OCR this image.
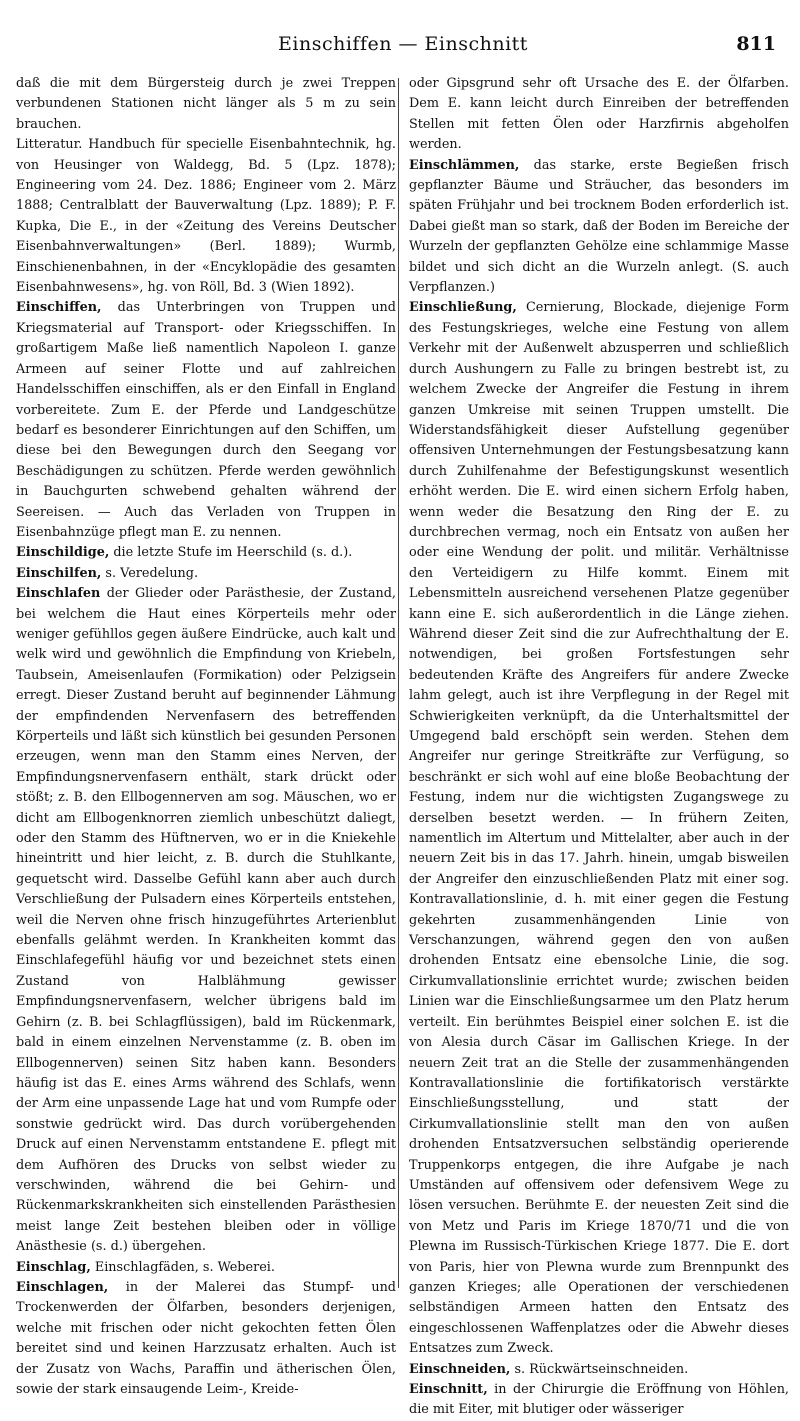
Einschiffen — Einschnitt	811

daß die mit dem Bürgersteig durch je zwei Treppen verbundenen Stationen nicht länger als 5 m zu sein brauchen.

Litteratur. Handbuch für specielle Eisenbahntechnik, hg. von Heusinger von Waldegg, Bd. 5 (Lpz. 1878); Engineering vom 24. Dez. 1886; Engineer vom 2. März 1888; Centralblatt der Bauverwaltung (Lpz. 1889); P. F. Kupka, Die E., in der «Zeitung des Vereins Deutscher Eisenbahnverwaltungen» (Berl. 1889); Wurmb, Einschienenbahnen, in der «Encyklopädie des gesamten Eisenbahnwesens», hg. von Röll, Bd. 3 (Wien 1892).

Einschiffen, das Unterbringen von Truppen und Kriegsmaterial auf Transport- oder Kriegsschiffen. In großartigem Maße ließ namentlich Napoleon I. ganze Armeen auf seiner Flotte und auf zahlreichen Handelsschiffen einschiffen, als er den Einfall in England vorbereitete. Zum E. der Pferde und Landgeschütze bedarf es besonderer Einrichtungen auf den Schiffen, um diese bei den Bewegungen durch den Seegang vor Beschädigungen zu schützen. Pferde werden gewöhnlich in Bauchgurten schwebend gehalten während der Seereisen. — Auch das Verladen von Truppen in Eisenbahnzüge pflegt man E. zu nennen.

Einschildige, die letzte Stufe im Heerschild (s. d.).

Einschilfen, s. Veredelung.

Einschlafen der Glieder oder Parästhesie, der Zustand, bei welchem die Haut eines Körperteils mehr oder weniger gefühllos gegen äußere Eindrücke, auch kalt und welk wird und gewöhnlich die Empfindung von Kriebeln, Taubsein, Ameisenlaufen (Formikation) oder Pelzigsein erregt. Dieser Zustand beruht auf beginnender Lähmung der empfindenden Nervenfasern des betreffenden Körperteils und läßt sich künstlich bei gesunden Personen erzeugen, wenn man den Stamm eines Nerven, der Empfindungsnervenfasern enthält, stark drückt oder stößt; z. B. den Ellbogennerven am sog. Mäuschen, wo er dicht am Ellbogenknorren ziemlich unbeschützt daliegt, oder den Stamm des Hüftnerven, wo er in die Kniekehle hineintritt und hier leicht, z. B. durch die Stuhlkante, gequetscht wird. Dasselbe Gefühl kann aber auch durch Verschließung der Pulsadern eines Körperteils entstehen, weil die Nerven ohne frisch hinzugeführtes Arterienblut ebenfalls gelähmt werden. In Krankheiten kommt das Einschlafegefühl häufig vor und bezeichnet stets einen Zustand von Halblähmung gewisser Empfindungsnervenfasern, welcher übrigens bald im Gehirn (z. B. bei Schlagflüssigen), bald im Rückenmark, bald in einem einzelnen Nervenstamme (z. B. oben im Ellbogennerven) seinen Sitz haben kann. Besonders häufig ist das E. eines Arms während des Schlafs, wenn der Arm eine unpassende Lage hat und vom Rumpfe oder sonstwie gedrückt wird. Das durch vorübergehenden Druck auf einen Nervenstamm entstandene E. pflegt mit dem Aufhören des Drucks von selbst wieder zu verschwinden, während die bei Gehirn- und Rückenmarkskrankheiten sich einstellenden Parästhesien meist lange Zeit bestehen bleiben oder in völlige Anästhesie (s. d.) übergehen.

Einschlag, Einschlagfäden, s. Weberei.

Einschlagen, in der Malerei das Stumpf- und Trockenwerden der Ölfarben, besonders derjenigen, welche mit frischen oder nicht gekochten fetten Ölen bereitet sind und keinen Harzzusatz erhalten. Auch ist der Zusatz von Wachs, Paraffin und ätherischen Ölen, sowie der stark einsaugende Leim-, Kreide-

oder Gipsgrund sehr oft Ursache des E. der Ölfarben. Dem E. kann leicht durch Einreiben der betreffenden Stellen mit fetten Ölen oder Harzfirnis abgeholfen werden.

Einschlämmen, das starke, erste Begießen frisch gepflanzter Bäume und Sträucher, das besonders im späten Frühjahr und bei trocknem Boden erforderlich ist. Dabei gießt man so stark, daß der Boden im Bereiche der Wurzeln der gepflanzten Gehölze eine schlammige Masse bildet und sich dicht an die Wurzeln anlegt. (S. auch Verpflanzen.)

Einschließung, Cernierung, Blockade, diejenige Form des Festungskrieges, welche eine Festung von allem Verkehr mit der Außenwelt abzusperren und schließlich durch Aushungern zu Falle zu bringen bestrebt ist, zu welchem Zwecke der Angreifer die Festung in ihrem ganzen Umkreise mit seinen Truppen umstellt. Die Widerstandsfähigkeit dieser Aufstellung gegenüber offensiven Unternehmungen der Festungsbesatzung kann durch Zuhilfenahme der Befestigungskunst wesentlich erhöht werden. Die E. wird einen sichern Erfolg haben, wenn weder die Besatzung den Ring der E. zu durchbrechen vermag, noch ein Entsatz von außen her oder eine Wendung der polit. und militär. Verhältnisse den Verteidigern zu Hilfe kommt. Einem mit Lebensmitteln ausreichend versehenen Platze gegenüber kann eine E. sich außerordentlich in die Länge ziehen. Während dieser Zeit sind die zur Aufrechthaltung der E. notwendigen, bei großen Fortsfestungen sehr bedeutenden Kräfte des Angreifers für andere Zwecke lahm gelegt, auch ist ihre Verpflegung in der Regel mit Schwierigkeiten verknüpft, da die Unterhaltsmittel der Umgegend bald erschöpft sein werden. Stehen dem Angreifer nur geringe Streitkräfte zur Verfügung, so beschränkt er sich wohl auf eine bloße Beobachtung der Festung, indem nur die wichtigsten Zugangswege zu derselben besetzt werden. — In frühern Zeiten, namentlich im Altertum und Mittelalter, aber auch in der neuern Zeit bis in das 17. Jahrh. hinein, umgab bisweilen der Angreifer den einzuschließenden Platz mit einer sog. Kontravallationslinie, d. h. mit einer gegen die Festung gekehrten zusammenhängenden Linie von Verschanzungen, während gegen den von außen drohenden Entsatz eine ebensolche Linie, die sog. Cirkumvallationslinie errichtet wurde; zwischen beiden Linien war die Einschließungsarmee um den Platz herum verteilt. Ein berühmtes Beispiel einer solchen E. ist die von Alesia durch Cäsar im Gallischen Kriege. In der neuern Zeit trat an die Stelle der zusammenhängenden Kontravallationslinie die fortifikatorisch verstärkte Einschließungsstellung, und statt der Cirkumvallationslinie stellt man den von außen drohenden Entsatzversuchen selbständig operierende Truppenkorps entgegen, die ihre Aufgabe je nach Umständen auf offensivem oder defensivem Wege zu lösen versuchen. Berühmte E. der neuesten Zeit sind die von Metz und Paris im Kriege 1870/71 und die von Plewna im Russisch-Türkischen Kriege 1877. Die E. dort von Paris, hier von Plewna wurde zum Brennpunkt des ganzen Krieges; alle Operationen der verschiedenen selbständigen Armeen hatten den Entsatz des eingeschlossenen Waffenplatzes oder die Abwehr dieses Entsatzes zum Zweck.

Einschneiden, s. Rückwärtseinschneiden.

Einschnitt, in der Chirurgie die Eröffnung von Höhlen, die mit Eiter, mit blutiger oder wässeriger
